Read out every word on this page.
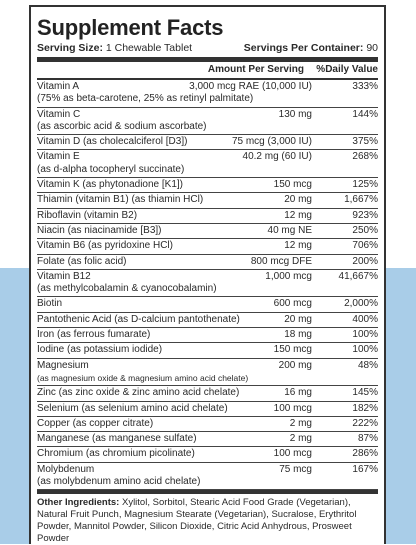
Supplement Facts
Serving Size: 1 Chewable Tablet	Servings Per Container: 90
Amount Per Serving %Daily Value
Vitamin A	3,000 mcg RAE (10,000 IU)	333%
(75% as beta-carotene, 25% as retinyl palmitate)
Vitamin C	130 mg	144%
(as ascorbic acid & sodium ascorbate)
Vitamin D (as cholecalciferol [D3])	75 mcg (3,000 IU)	375%
Vitamin E	40.2 mg (60 IU)	268%
(as d-alpha tocopheryl succinate)
Vitamin K (as phytonadione [K1])	150 mcg	125%
Thiamin (vitamin B1) (as thiamin HCl)	20 mg	1,667%
Riboflavin (vitamin B2)	12 mg	923%
Niacin (as niacinamide [B3])	40 mg NE	250%
Vitamin B6 (as pyridoxine HCl)	12 mg	706%
Folate (as folic acid)	800 mcg DFE	200%
Vitamin B12	1,000 mcg	41,667%
(as methylcobalamin & cyanocobalamin)
Biotin	600 mcg	2,000%
Pantothenic Acid (as D-calcium pantothenate)	20 mg	400%
Iron (as ferrous fumarate)	18 mg	100%
Iodine (as potassium iodide)	150 mcg	100%
Magnesium	200 mg	48%
(as magnesium oxide & magnesium amino acid chelate)
Zinc (as zinc oxide & zinc amino acid chelate)	16 mg	145%
Selenium (as selenium amino acid chelate)	100 mcg	182%
Copper (as copper citrate)	2 mg	222%
Manganese (as manganese sulfate)	2 mg	87%
Chromium (as chromium picolinate)	100 mcg	286%
Molybdenum	75 mcg	167%
(as molybdenum amino acid chelate)
Other Ingredients: Xylitol, Sorbitol, Stearic Acid Food Grade (Vegetarian), Natural Fruit Punch, Magnesium Stearate (Vegetarian), Sucralose, Erythritol Powder, Mannitol Powder, Silicon Dioxide, Citric Acid Anhydrous, Prosweet Powder
